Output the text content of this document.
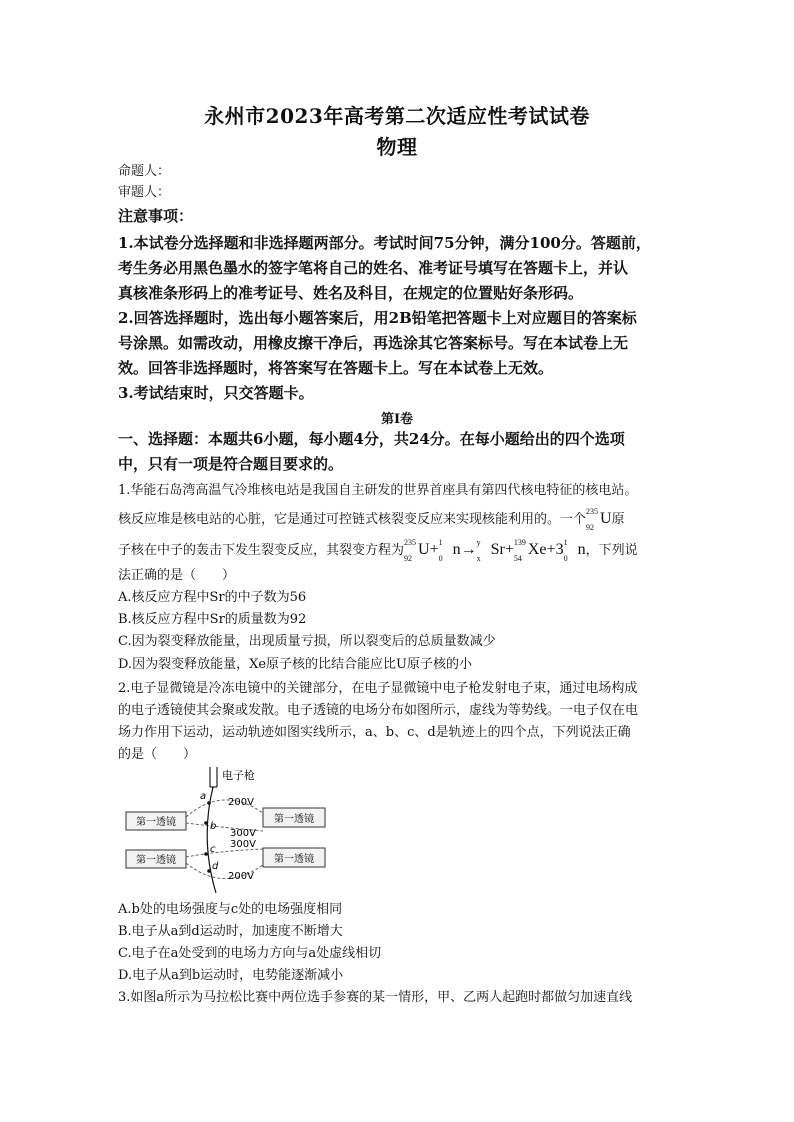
永州市2023年高考第二次适应性考试试卷
物理
命题人：
审题人：
注意事项：
1.本试卷分选择题和非选择题两部分。考试时间75分钟，满分100分。答题前，
考生务必用黑色墨水的签字笔将自己的姓名、准考证号填写在答题卡上，并认
真核准条形码上的准考证号、姓名及科目，在规定的位置贴好条形码。
2.回答选择题时，选出每小题答案后，用2B铅笔把答题卡上对应题目的答案标
号涂黑。如需改动，用橡皮擦干净后，再选涂其它答案标号。写在本试卷上无
效。回答非选择题时，将答案写在答题卡上。写在本试卷上无效。
3.考试结束时，只交答题卡。
第Ⅰ卷
一、选择题：本题共6小题，每小题4分，共24分。在每小题给出的四个选项
中，只有一项是符合题目要求的。
1.华能石岛湾高温气冷堆核电站是我国自主研发的世界首座具有第四代核电特征的核电站。
核反应堆是核电站的心脏，它是通过可控链式核裂变反应来实现核能利用的。一个
235
92
U原
子核在中子的轰击下发生裂变反应，其裂变方程为
235
92
U+ 1
0
n→ y
x
Sr+ 139
54
Xe+3 1
0
n，下列说
法正确的是（　　）
A.核反应方程中Sr的中子数为56
B.核反应方程中Sr的质量数为92
C.因为裂变释放能量，出现质量亏损，所以裂变后的总质量数减少
D.因为裂变释放能量，Xe原子核的比结合能应比U原子核的小
2.电子显微镜是冷冻电镜中的关键部分，在电子显微镜中电子枪发射电子束，通过电场构成
的电子透镜使其会聚或发散。电子透镜的电场分布如图所示，虚线为等势线。一电子仅在电
场力作用下运动，运动轨迹如图实线所示，a、b、c、d是轨迹上的四个点，下列说法正确
的是（　　）
电子枪
第一透镜
第一透镜
第一透镜
第一透镜
a
b
c
d
200V
300V
300V
200V
A.b处的电场强度与c处的电场强度相同
B.电子从a到d运动时，加速度不断增大
C.电子在a处受到的电场力方向与a处虚线相切
D.电子从a到b运动时，电势能逐渐减小
3.如图a所示为马拉松比赛中两位选手参赛的某一情形，甲、乙两人起跑时都做匀加速直线
